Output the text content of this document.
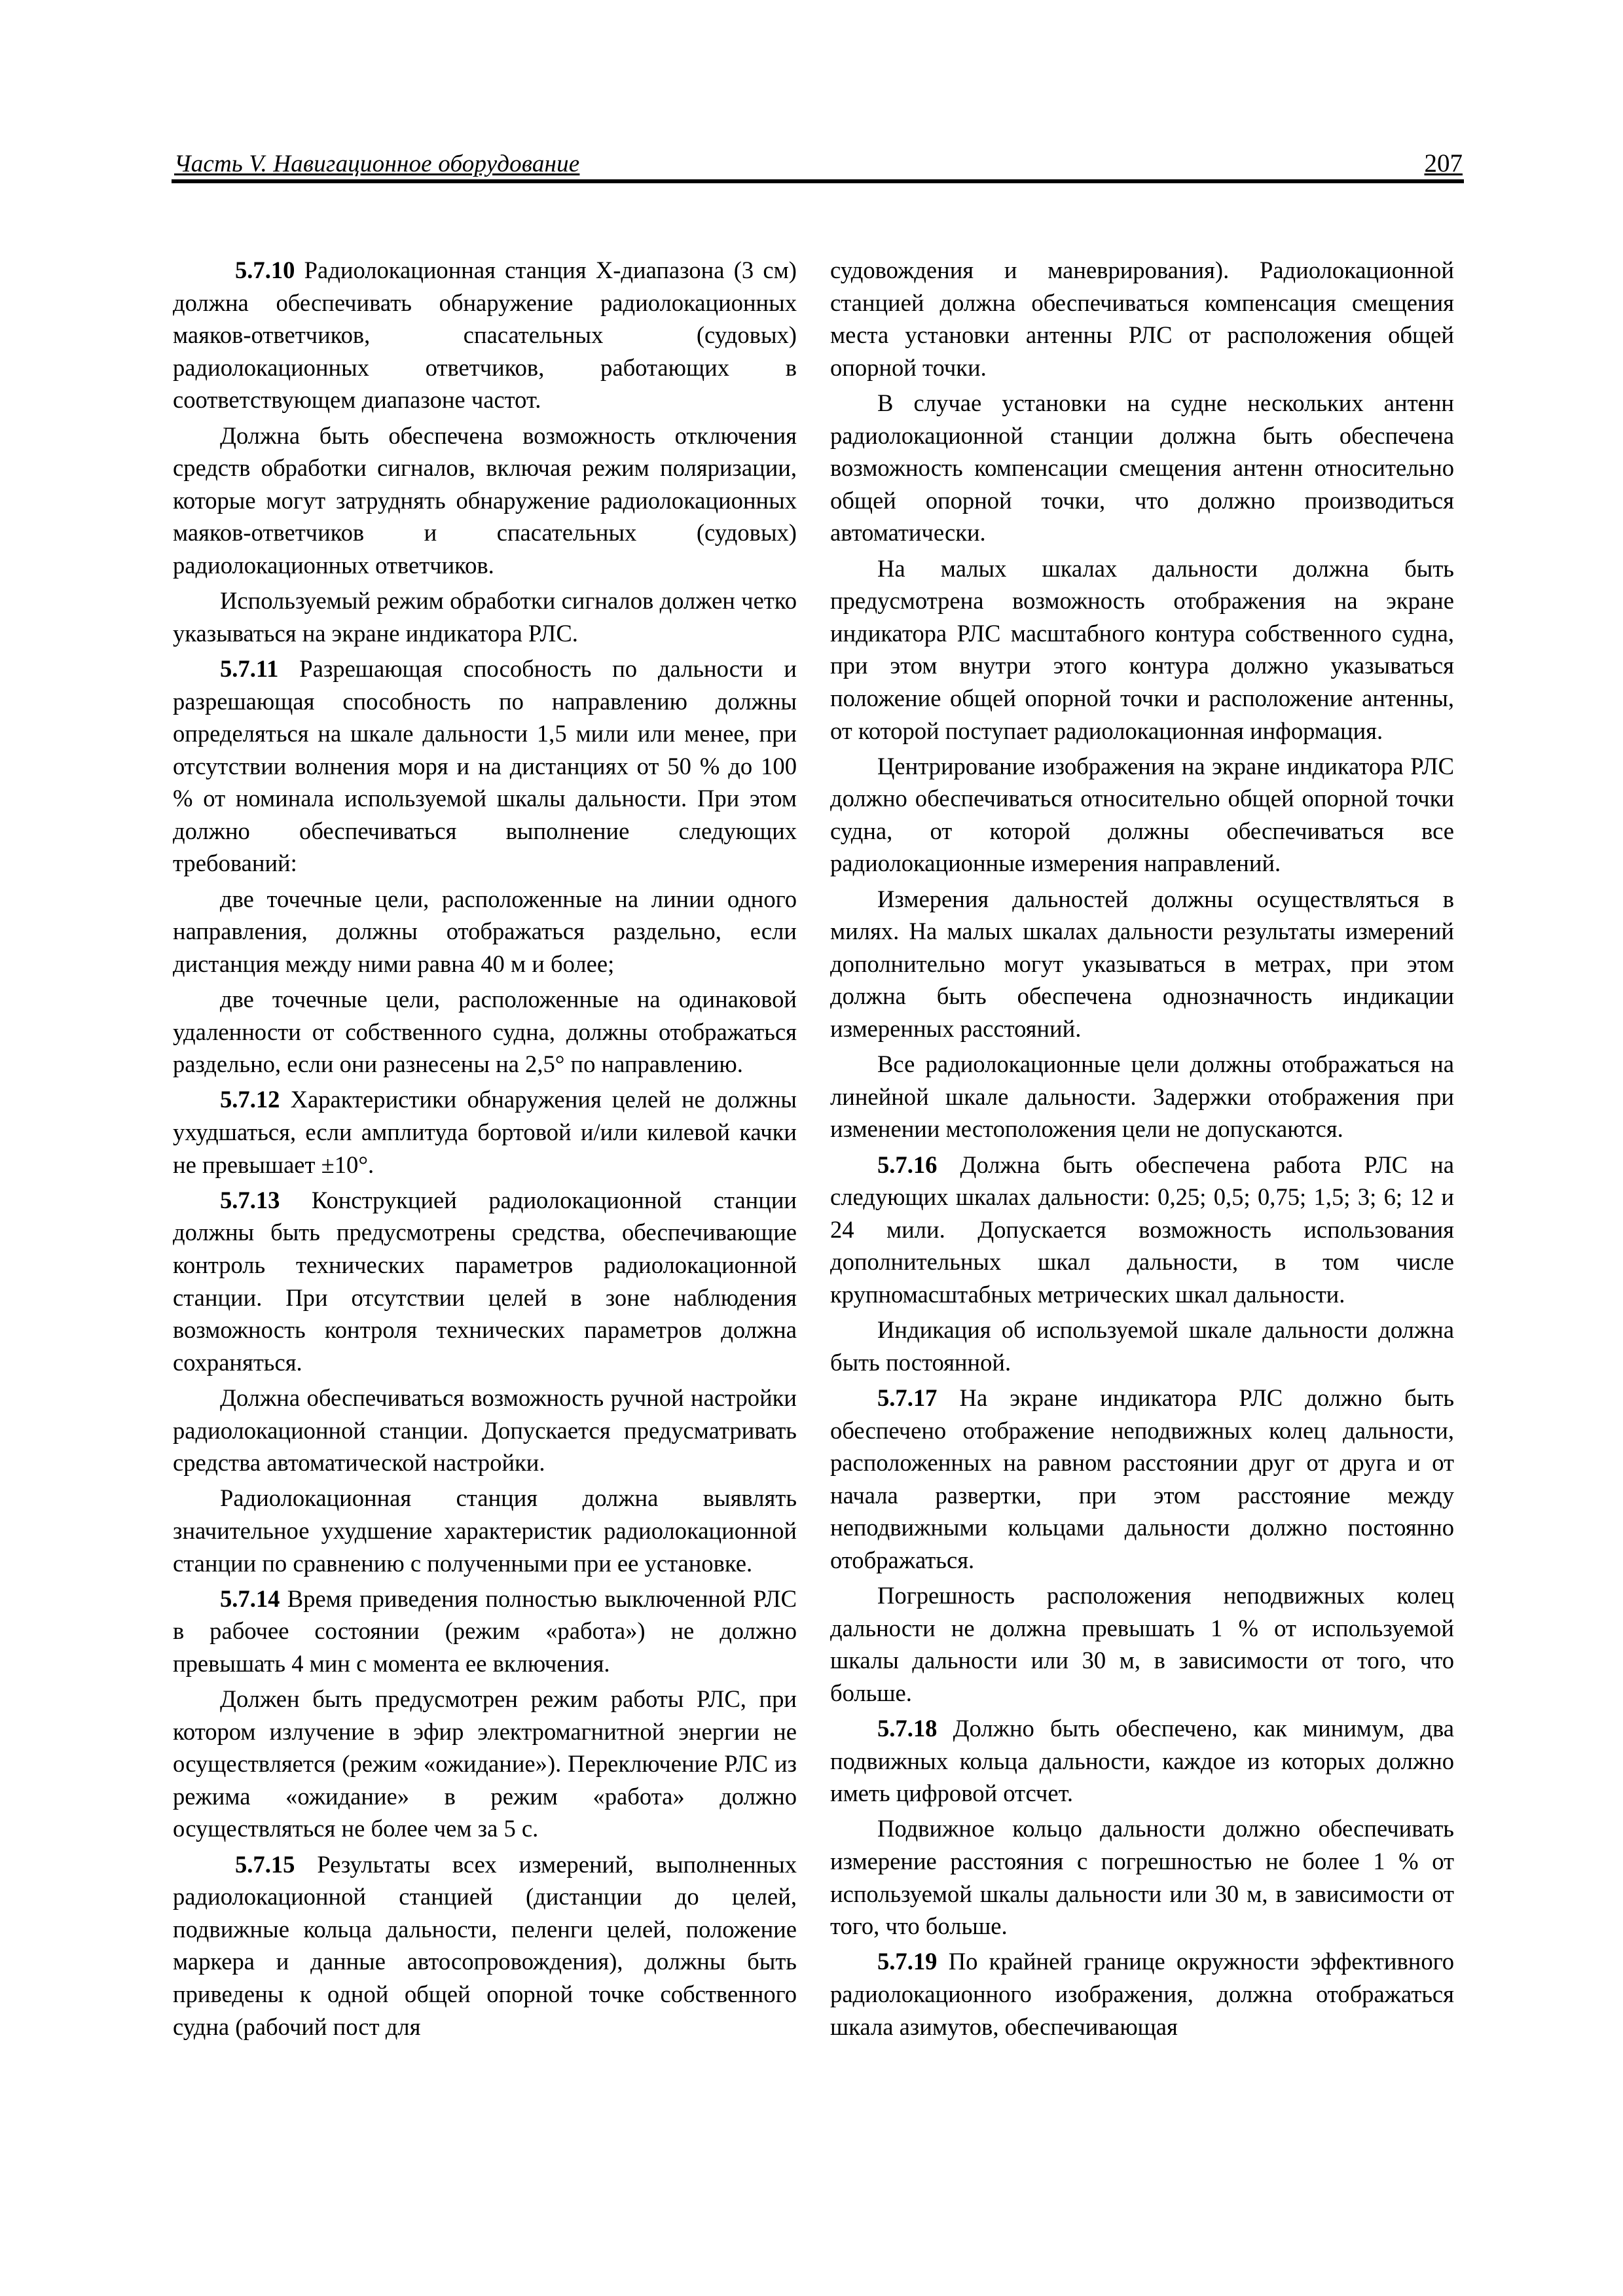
Часть V. Навигационное оборудование	207

5.7.10 Радиолокационная станция Х-диапазона (3 см) должна обеспечивать обнаружение радиолокационных маяков-ответчиков, спасательных (судовых) радиолокационных ответчиков, работающих в соответствующем диапазоне частот.

Должна быть обеспечена возможность отключения средств обработки сигналов, включая режим поляризации, которые могут затруднять обнаружение радиолокационных маяков-ответчиков и спасательных (судовых) радиолокационных ответчиков.

Используемый режим обработки сигналов должен четко указываться на экране индикатора РЛС.

5.7.11 Разрешающая способность по дальности и разрешающая способность по направлению должны определяться на шкале дальности 1,5 мили или менее, при отсутствии волнения моря и на дистанциях от 50 % до 100 % от номинала используемой шкалы дальности. При этом должно обеспечиваться выполнение следующих требований:

две точечные цели, расположенные на линии одного направления, должны отображаться раздельно, если дистанция между ними равна 40 м и более;

две точечные цели, расположенные на одинаковой удаленности от собственного судна, должны отображаться раздельно, если они разнесены на 2,5° по направлению.

5.7.12 Характеристики обнаружения целей не должны ухудшаться, если амплитуда бортовой и/или килевой качки не превышает ±10°.

5.7.13 Конструкцией радиолокационной станции должны быть предусмотрены средства, обеспечивающие контроль технических параметров радиолокационной станции. При отсутствии целей в зоне наблюдения возможность контроля технических параметров должна сохраняться.

Должна обеспечиваться возможность ручной настройки радиолокационной станции. Допускается предусматривать средства автоматической настройки.

Радиолокационная станция должна выявлять значительное ухудшение характеристик радиолокационной станции по сравнению с полученными при ее установке.

5.7.14 Время приведения полностью выключенной РЛС в рабочее состоянии (режим «работа») не должно превышать 4 мин с момента ее включения.

Должен быть предусмотрен режим работы РЛС, при котором излучение в эфир электромагнитной энергии не осуществляется (режим «ожидание»). Переключение РЛС из режима «ожидание» в режим «работа» должно осуществляться не более чем за 5 с.

5.7.15 Результаты всех измерений, выполненных радиолокационной станцией (дистанции до целей, подвижные кольца дальности, пеленги целей, положение маркера и данные автосопровождения), должны быть приведены к одной общей опорной точке собственного судна (рабочий пост для

судовождения и маневрирования). Радиолокационной станцией должна обеспечиваться компенсация смещения места установки антенны РЛС от расположения общей опорной точки.

В случае установки на судне нескольких антенн радиолокационной станции должна быть обеспечена возможность компенсации смещения антенн относительно общей опорной точки, что должно производиться автоматически.

На малых шкалах дальности должна быть предусмотрена возможность отображения на экране индикатора РЛС масштабного контура собственного судна, при этом внутри этого контура должно указываться положение общей опорной точки и расположение антенны, от которой поступает радиолокационная информация.

Центрирование изображения на экране индикатора РЛС должно обеспечиваться относительно общей опорной точки судна, от которой должны обеспечиваться все радиолокационные измерения направлений.

Измерения дальностей должны осуществляться в милях. На малых шкалах дальности результаты измерений дополнительно могут указываться в метрах, при этом должна быть обеспечена однозначность индикации измеренных расстояний.

Все радиолокационные цели должны отображаться на линейной шкале дальности. Задержки отображения при изменении местоположения цели не допускаются.

5.7.16 Должна быть обеспечена работа РЛС на следующих шкалах дальности: 0,25; 0,5; 0,75; 1,5; 3; 6; 12 и 24 мили. Допускается возможность использования дополнительных шкал дальности, в том числе крупномасштабных метрических шкал дальности.

Индикация об используемой шкале дальности должна быть постоянной.

5.7.17 На экране индикатора РЛС должно быть обеспечено отображение неподвижных колец дальности, расположенных на равном расстоянии друг от друга и от начала развертки, при этом расстояние между неподвижными кольцами дальности должно постоянно отображаться.

Погрешность расположения неподвижных колец дальности не должна превышать 1 % от используемой шкалы дальности или 30 м, в зависимости от того, что больше.

5.7.18 Должно быть обеспечено, как минимум, два подвижных кольца дальности, каждое из которых должно иметь цифровой отсчет.

Подвижное кольцо дальности должно обеспечивать измерение расстояния с погрешностью не более 1 % от используемой шкалы дальности или 30 м, в зависимости от того, что больше.

5.7.19 По крайней границе окружности эффективного радиолокационного изображения, должна отображаться шкала азимутов, обеспечивающая
